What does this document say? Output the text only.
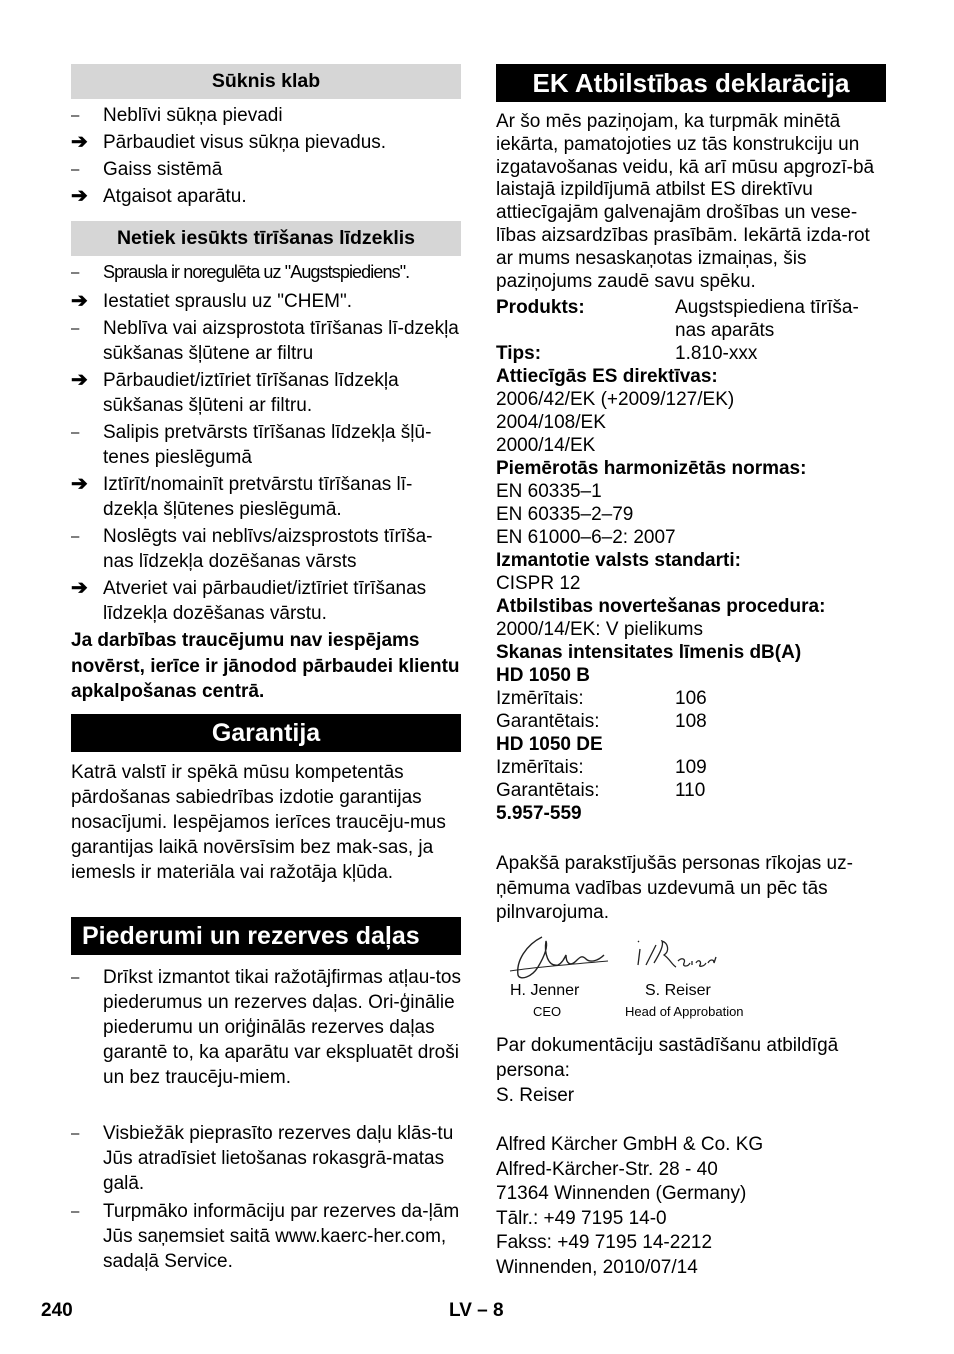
Sūknis klab
–	Neblīvi sūkņa pievadi
➔ Pārbaudiet visus sūkņa pievadus.
–	Gaiss sistēmā
➔ Atgaisot aparātu.
Netiek iesūkts tīrīšanas līdzeklis
–	Sprausla ir noregulēta uz "Augstspiediens".
➔ Iestatiet sprauslu uz "CHEM".
–	Neblīva vai aizsprostota tīrīšanas lī-dzekļa sūkšanas šļūtene ar filtru
➔ Pārbaudiet/iztīriet tīrīšanas līdzekļa sūkšanas šļūteni ar filtru.
–	Salipis pretvārsts tīrīšanas līdzekļa šļū-tenes pieslēgumā
➔ Iztīrīt/nomainīt pretvārstu tīrīšanas lī-dzekļa šļūtenes pieslēgumā.
–	Noslēgts vai neblīvs/aizsprostots tīrīša-nas līdzekļa dozēšanas vārsts
➔ Atveriet vai pārbaudiet/iztīriet tīrīšanas līdzekļa dozēšanas vārstu.

Ja darbības traucējumu nav iespējams novērst, ierīce ir jānodod pārbaudei klientu apkalpošanas centrā.

Garantija

Katrā valstī ir spēkā mūsu kompetentās pārdošanas sabiedrības izdotie garantijas nosacījumi. Iespējamos ierīces traucēju-mus garantijas laikā novērsīsim bez mak-sas, ja iemesls ir materiāla vai ražotāja kļūda.

Piederumi un rezerves daļas
–	Drīkst izmantot tikai ražotājfirmas atļau-tos piederumus un rezerves daļas. Ori-ģinālie piederumu un oriģinālās rezerves daļas garantē to, ka aparātu var ekspluatēt droši un bez traucēju-miem.
–	Visbiežāk pieprasīto rezerves daļu klās-tu Jūs atradīsiet lietošanas rokasgrā-matas galā.
–	Turpmāko informāciju par rezerves da-ļām Jūs saņemsiet saitā www.kaerc-her.com, sadaļā Service.
EK Atbilstības deklarācija

Ar šo mēs paziņojam, ka turpmāk minētā iekārta, pamatojoties uz tās konstrukciju un izgatavošanas veidu, kā arī mūsu apgrozī-bā laistajā izpildījumā atbilst ES direktīvu attiecīgajām galvenajām drošības un vese-lības aizsardzības prasībām. Iekārtā izda-rot ar mums nesaskaņotas izmaiņas, šis paziņojums zaudē savu spēku.

Produkts:	Augstspiediena tīrīša-nas aparāts
Tips:	1.810-xxx
Attiecīgās ES direktīvas:
2006/42/EK (+2009/127/EK)
2004/108/EK
2000/14/EK
Piemērotās harmonizētās normas:
EN 60335–1
EN 60335–2–79
EN 61000–6–2: 2007
Izmantotie valsts standarti:
CISPR 12
Atbilstibas novertešanas procedura:
2000/14/EK: V pielikums
Skanas intensitates līmenis dB(A)
HD 1050 B
Izmērītais:	106
Garantētais:	108
HD 1050 DE
Izmērītais:	109
Garantētais:	110
5.957-559

Apakšā parakstījušās personas rīkojas uz-ņēmuma vadības uzdevumā un pēc tās pilnvarojuma.

H. Jenner
CEO
S. Reiser
Head of Approbation

Par dokumentāciju sastādīšanu atbildīgā persona:

S. Reiser
Alfred Kärcher GmbH & Co. KG
Alfred-Kärcher-Str. 28 - 40
71364 Winnenden (Germany)
Tālr.: +49 7195 14-0
Fakss: +49 7195 14-2212
Winnenden, 2010/07/14
240	LV – 8
